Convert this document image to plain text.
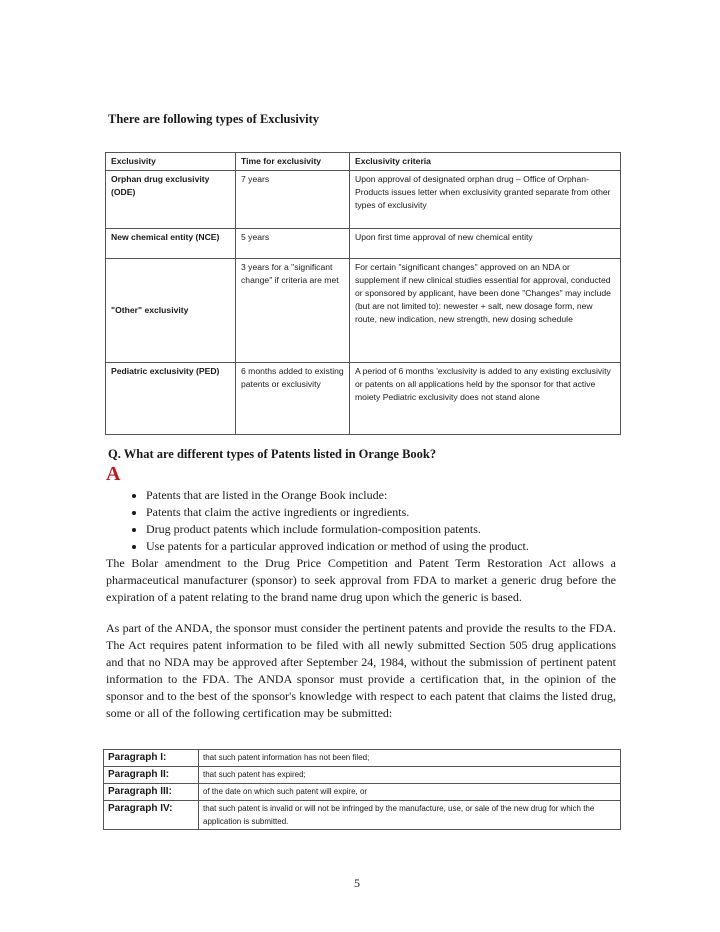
There are following types of Exclusivity
Exclusivity	Time for exclusivity	Exclusivity criteria
Orphan drug exclusivity (ODE)	7 years	Upon approval of designated orphan drug – Office of Orphan-Products issues letter when exclusivity granted separate from other types of exclusivity
New chemical entity (NCE)	5 years	Upon first time approval of new chemical entity
"Other" exclusivity	3 years for a "significant change" if criteria are met	For certain "significant changes" approved on an NDA or supplement if new clinical studies essential for approval, conducted or sponsored by applicant, have been done "Changes" may include (but are not limited to): newester + salt, new dosage form, new route, new indication, new strength, new dosing schedule
Pediatric exclusivity (PED)	6 months added to existing patents or exclusivity	A period of 6 months 'exclusivity is added to any existing exclusivity or patents on all applications held by the sponsor for that active moiety Pediatric exclusivity does not stand alone
Q. What are different types of Patents listed in Orange Book?
A
• Patents that are listed in the Orange Book include:
• Patents that claim the active ingredients or ingredients.
• Drug product patents which include formulation-composition patents.
• Use patents for a particular approved indication or method of using the product.

The Bolar amendment to the Drug Price Competition and Patent Term Restoration Act allows a pharmaceutical manufacturer (sponsor) to seek approval from FDA to market a generic drug before the expiration of a patent relating to the brand name drug upon which the generic is based.

As part of the ANDA, the sponsor must consider the pertinent patents and provide the results to the FDA. The Act requires patent information to be filed with all newly submitted Section 505 drug applications and that no NDA may be approved after September 24, 1984, without the submission of pertinent patent information to the FDA. The ANDA sponsor must provide a certification that, in the opinion of the sponsor and to the best of the sponsor's knowledge with respect to each patent that claims the listed drug, some or all of the following certification may be submitted:

Paragraph I:	that such patent information has not been filed;
Paragraph II:	that such patent has expired;
Paragraph III:	of the date on which such patent will expire, or
Paragraph IV:	that such patent is invalid or will not be infringed by the manufacture, use, or sale of the new drug for which the application is submitted.
5
